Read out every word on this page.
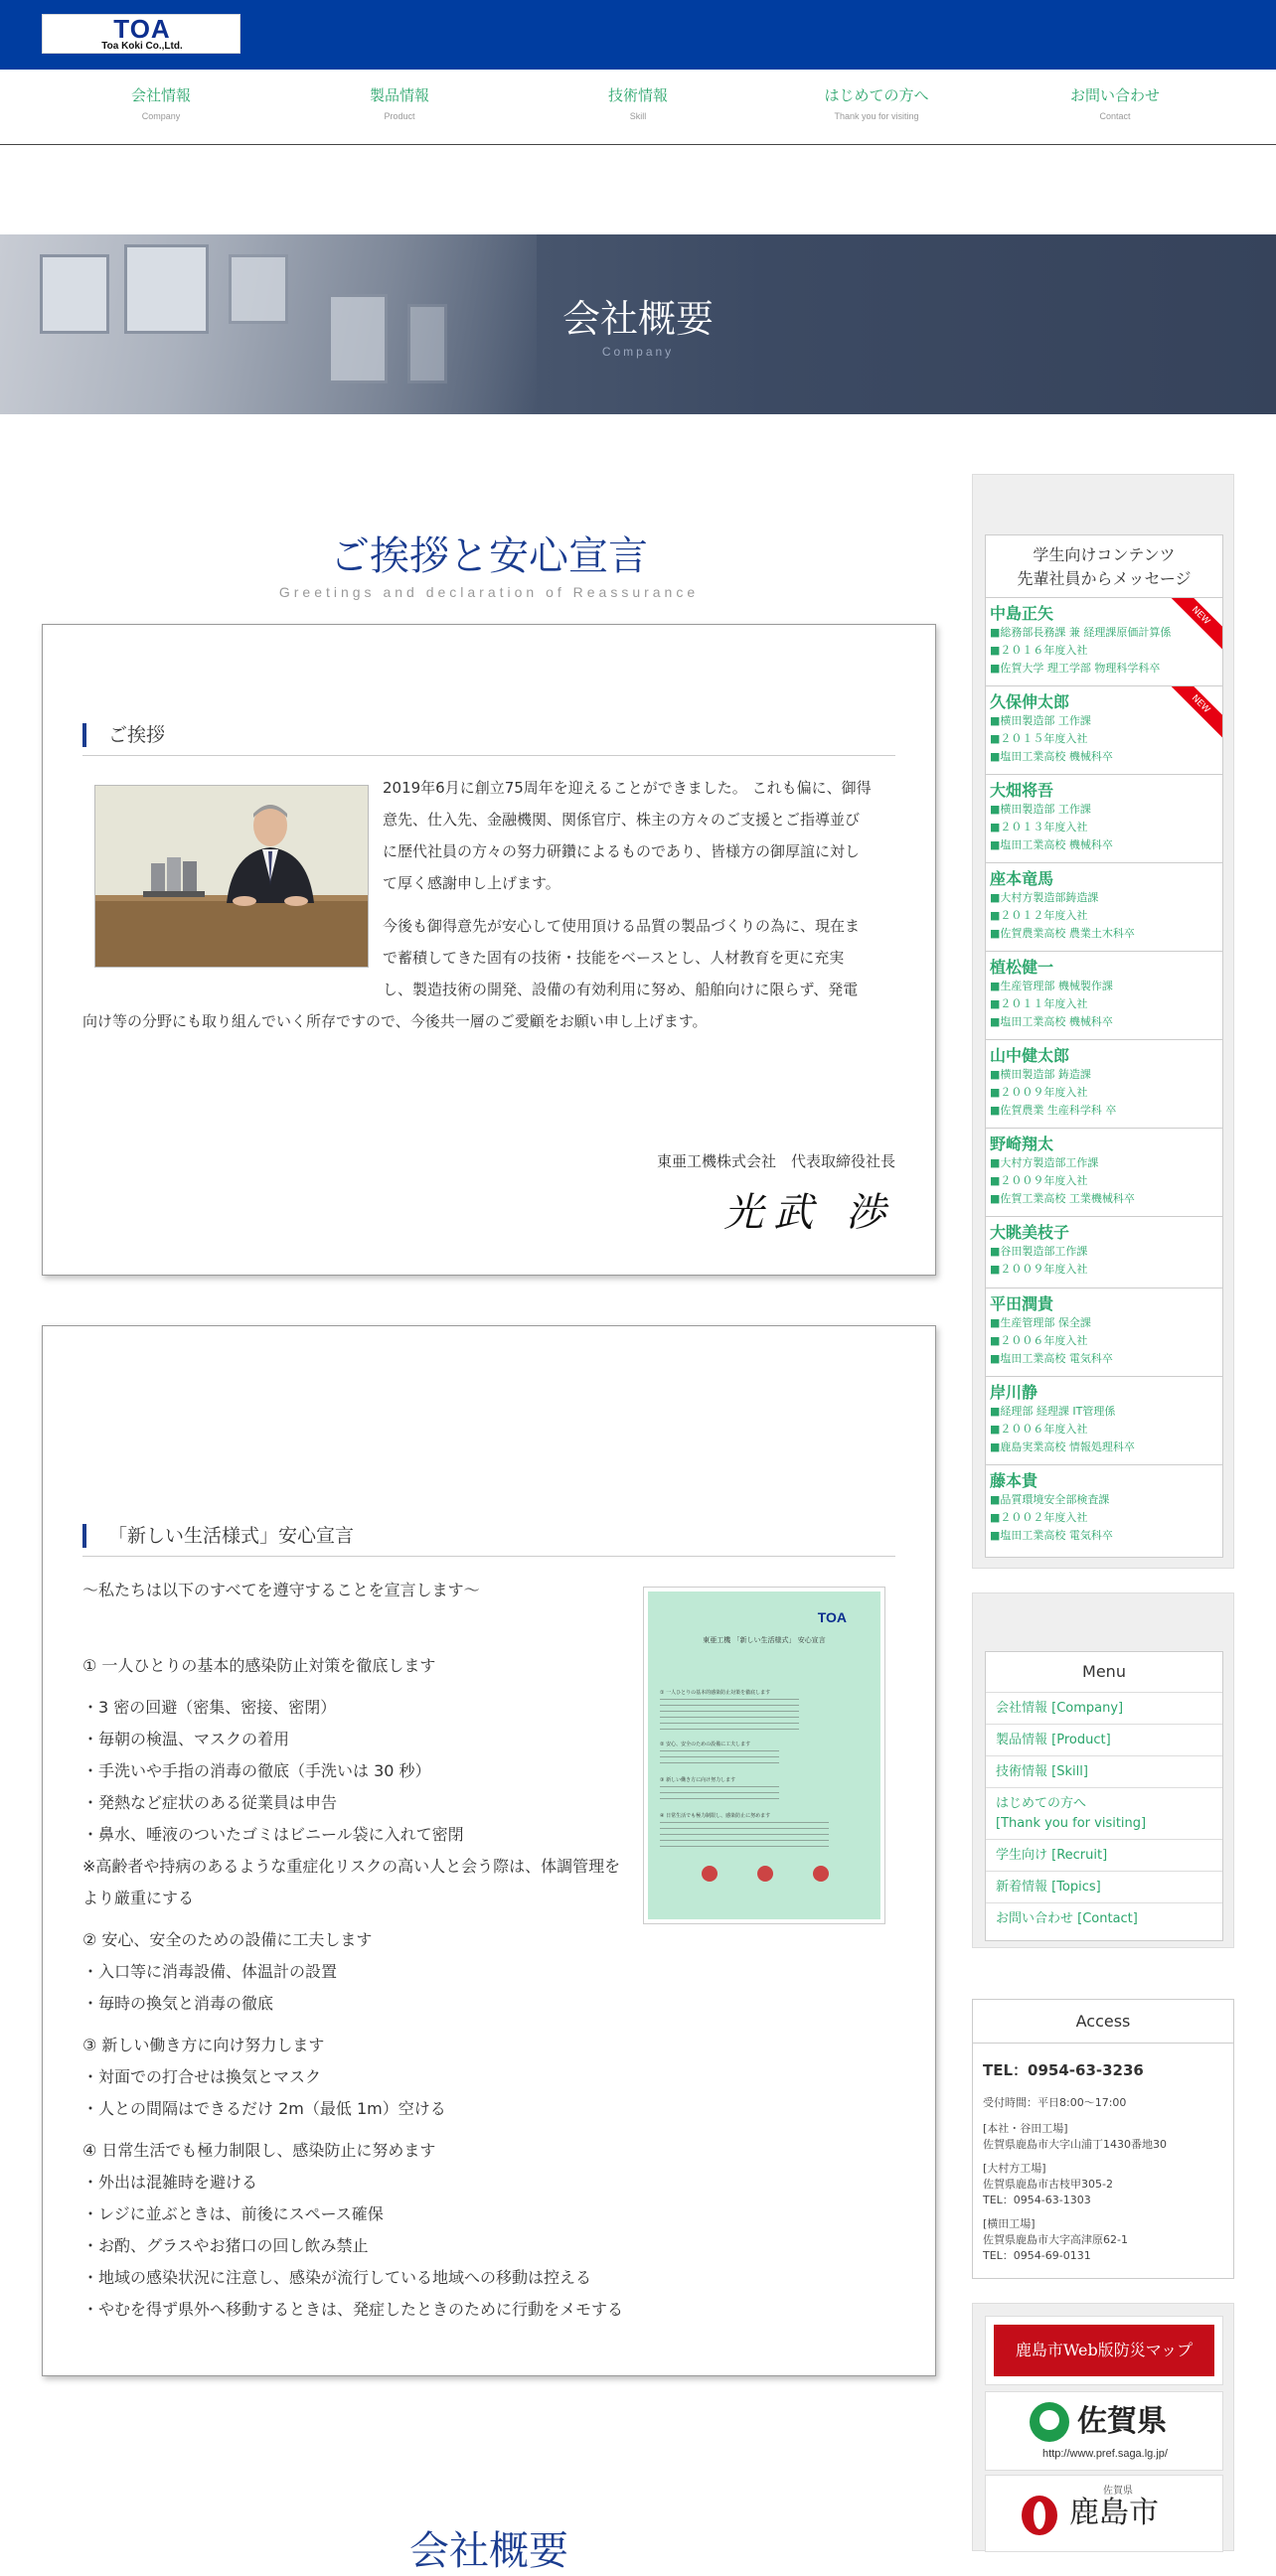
TOA
Toa Koki Co.,Ltd.
会社情報
Company
製品情報
Product
技術情報
Skill
はじめての方へ
Thank you for visiting
お問い合わせ
Contact
会社概要
Company
ご挨拶と安心宣言
Greetings and declaration of Reassurance
ご挨拶
2019年6月に創立75周年を迎えることができました。 これも偏に、御得
意先、仕入先、金融機関、関係官庁、株主の方々のご支援とご指導並び
に歴代社員の方々の努力研鑽によるものであり、皆様方の御厚誼に対し
て厚く感謝申し上げます。
今後も御得意先が安心して使用頂ける品質の製品づくりの為に、現在ま
で蓄積してきた固有の技術・技能をベースとし、人材教育を更に充実
し、製造技術の開発、設備の有効利用に努め、船舶向けに限らず、発電
向け等の分野にも取り組んでいく所存ですので、今後共一層のご愛顧をお願い申し上げます。
東亜工機株式会社　代表取締役社長
光武 渉
「新しい生活様式」安心宣言
～私たちは以下のすべてを遵守することを宣言します～
① 一人ひとりの基本的感染防止対策を徹底します
・3 密の回避（密集、密接、密閉）
・毎朝の検温、マスクの着用
・手洗いや手指の消毒の徹底（手洗いは 30 秒）
・発熱など症状のある従業員は申告
・鼻水、唾液のついたゴミはビニール袋に入れて密閉
※高齢者や持病のあるような重症化リスクの高い人と会う際は、体調管理を
より厳重にする
② 安心、安全のための設備に工夫します
・入口等に消毒設備、体温計の設置
・毎時の換気と消毒の徹底
③ 新しい働き方に向け努力します
・対面での打合せは換気とマスク
・人との間隔はできるだけ 2m（最低 1m）空ける
④ 日常生活でも極力制限し、感染防止に努めます
・外出は混雑時を避ける
・レジに並ぶときは、前後にスペース確保
・お酌、グラスやお猪口の回し飲み禁止
・地域の感染状況に注意し、感染が流行している地域への移動は控える
・やむを得ず県外へ移動するときは、発症したときのために行動をメモする
TOA
東亜工機 「新しい生活様式」 安心宣言
① 一人ひとりの基本的感染防止対策を徹底します
② 安心、安全のための設備に工夫します
③ 新しい働き方に向け努力します
④ 日常生活でも極力制限し、感染防止に努めます
会社概要
学生向けコンテンツ
先輩社員からメッセージ
中島正矢
■総務部長務課 兼 経理課原価計算係
■２０１６年度入社
■佐賀大学 理工学部 物理科学科卒
NEW
久保伸太郎
■横田製造部 工作課
■２０１５年度入社
■塩田工業高校 機械科卒
NEW
大畑将吾
■横田製造部 工作課
■２０１３年度入社
■塩田工業高校 機械科卒
座本竜馬
■大村方製造部鋳造課
■２０１２年度入社
■佐賀農業高校 農業土木科卒
植松健一
■生産管理部 機械製作課
■２０１１年度入社
■塩田工業高校 機械科卒
山中健太郎
■横田製造部 鋳造課
■２００９年度入社
■佐賀農業 生産科学科 卒
野崎翔太
■大村方製造部工作課
■２００９年度入社
■佐賀工業高校 工業機械科卒
大眺美枝子
■谷田製造部工作課
■２００９年度入社
平田潤貴
■生産管理部 保全課
■２００６年度入社
■塩田工業高校 電気科卒
岸川静
■経理部 経理課 IT管理係
■２００６年度入社
■鹿島実業高校 情報処理科卒
藤本貴
■品質環境安全部検査課
■２００２年度入社
■塩田工業高校 電気科卒
Menu
会社情報 [Company]
製品情報 [Product]
技術情報 [Skill]
はじめての方へ
[Thank you for visiting]
学生向け [Recruit]
新着情報 [Topics]
お問い合わせ [Contact]
Access
TEL：0954-63-3236
受付時間：平日8:00〜17:00
[本社・谷田工場]
佐賀県鹿島市大字山浦丁1430番地30
[大村方工場]
佐賀県鹿島市古枝甲305-2
TEL：0954-63-1303
[横田工場]
佐賀県鹿島市大字高津原62-1
TEL：0954-69-0131
鹿島市Web版防災マップ
佐賀県
http://www.pref.saga.lg.jp/
佐賀県
鹿島市
